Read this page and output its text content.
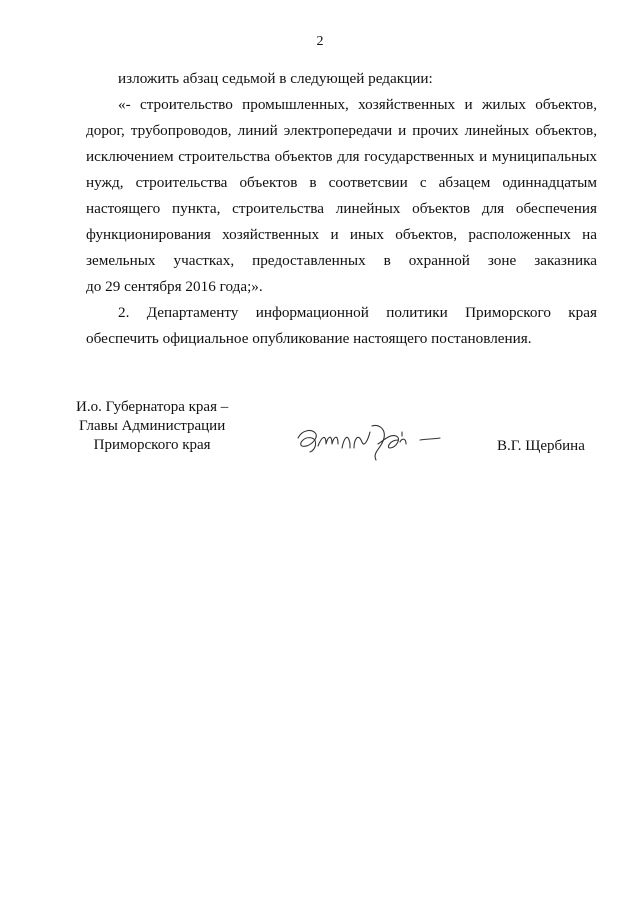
2
изложить абзац седьмой в следующей редакции:
«- строительство промышленных, хозяйственных и жилых объектов,
дорог, трубопроводов, линий электропередачи и прочих линейных объектов,
исключением строительства объектов для государственных и муниципальных
нужд, строительства объектов в соответсвии с абзацем одиннадцатым
настоящего пункта, строительства линейных объектов для обеспечения
функционирования хозяйственных и иных объектов, расположенных на
земельных участках, предоставленных в охранной зоне заказника
до 29 сентября 2016 года;».
2. Департаменту информационной политики Приморского края
обеспечить официальное опубликование настоящего постановления.
И.о. Губернатора края –
Главы Администрации
Приморского края	В.Г. Щербина
